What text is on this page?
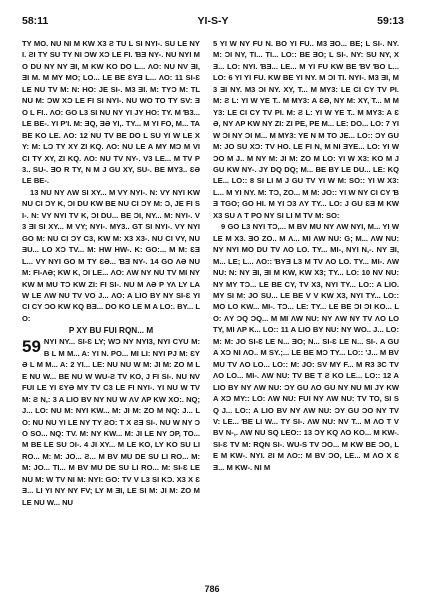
58:11	YI-S-Y	59:13

TY MO. NU NI M KW X3 Ƨ TU L SI NYI-. SU LE NYI. ƧI TY SU TY NI ƆW XƆ LE FI. ƁƎ NY-. NU NYI MO DU NY NY ƎI, M KW KO DO L... ΛO: NU NV ƎI, ƎI M. M MY MO; LO... LE BE ƐYƎ L... ΛO: 11 SI-Ɛ LE NU TV M: N: HO: JE SI-. M3 ƎI. M: TYƆ M: TL NU M: ƆW XƆ LE FI SI NYI-. NU WO TO TY SV: ƎO L FI.. ΛO: GO L3 SI NU NY YI JY HO: TY. M Ɓ3... LE BE-. YI P'I. M: ƎQ, ƎƏ YI,. TY... M YI FO, M... TA BE KO LE. ΛO: 12 NU TV BE DO L SU YI W LE XY: M: LƆ TY XY ZI KQ. ΛO: NU LE A MY MƆ M VI CI TY XY, ZI KQ. ΛO: NU TV NY-. V3 LE... M TV P3.. SU-. ƎO R TY, N M J GU XY, SU-. BE MY3.. ƐƏ LE BE-.

13 NU NY ΛW SI XY... M VY NYI-. N: VY NYI KW NU CI ƆY K, ƆI DU KW BE NU CI ƆY M: Ɔ, JE FI SI-. N: VY NYI TV K, ƆI DU... BE ƆI, NY... M: NYI-. V3 ƎI SI XY... M VY; NYI-. MY3.. GT SI NYI-. VY NYI GO M: NU CI ƆY C3, KW M: X3 X3-. NU CI VY, NU ƎU... LO XƆ TV... M: HW HW-. K: GO:... M M: ƐƎ L... VY NYI GO M TY ƐƏ... ƁƎ NY-. 14 GO ΛƏ NU M: FI-ΛƏ; KW K, ƆI LE... ΛO: ΛW NY NU TV MI NY KW M MU TƆ KW ZI: FI SI-. NU M ΛƏ P ΥΛ LY LA W LE ΛW NU TV VO J... ΛO: A LIO BY NY SI-Ɛ YI CI CY ƆO KW KQ BƎ... DO KO LE M A LO:. BY... LO:

P XY BU FUI RQN... M
59 NYI NY... SI-Ɛ LY; WƆ NY NYI3, NYI CYU M: B L M M... A: YI N. PO... MI LI: NYI PJ M: ƐYƏ L M M... A: 2 YI... LE: NU NU W M: JI M: ZO M LE NU W... BE NU W WU-Ƨ TV KO, J FI SI-. NU NV FUI LE YI ƐYƏ MY TV C3 LE FI NYI-. YI NU W TV M: Ƨ N,: 3 A LIO BV NY NU W ΛV ΛP KW XO:. NQ; J... LO: NU M: NYI KW... M: JI M: ZO M NQ: J... LO: NU NU YI LE NY TY ƧO: T X ƧƎ SI-. NU W NY ƆO SO... NQ: TV. M: NY KW... M: JI LE NY ƆP, TO... M BE LE SU ƆI-. 4 JI XY... M LE KO, LY KO SU LI RO... M: M: JO... Ƨ... M BV MU DE SU LI RO... M: M: JO... TI... M BV MU DE SU LI RO... M: SI-Ɛ LE NU M: W TV NI M: NYI: GO: TV V L3 SI KƆ. X3 X ƐƎ... LI YI NY NY FV; LY M ƎI, LE SI M: JI M: ZO M LE NU W... NU

5 YI W NY FU N. BO YI FU.. M3 ƎO... BE; L SI-. NY. M: ƆI NY, TI... TI... LO:: BE ƎO; L SI-. NY: SU NY, XƎ... LO: NYI. ƁƎ... LE... M YI FU KW BE ƁV ƁO L... LO: 6 YI YI FU. KW BE YI NY. M ƆI TI. NYI-. M3 ƎI, M3 ƎI NY. M3 ƆI NY. XY, T... M MY3: LE CI CY TV PI. M: Ƨ L: YI W YE T.. M MY3: A ƐƏ, NY M: XY, T... M MY3: LE CI CY TV PI. M: Ƨ L: YI W YE T.. M MY3: A ƐƏ, NY ΛP KW NY ZI: ZI PE, PE M... LE: DO... LO: 7 YI W ƆI NY ƆI M... M MY3: YE N M TO JE... LO:: ƆY GU M: JO SU XƆ: TV HO. LE FI N, M NI ƎYE... LO: YI W ƆO M J.. M NY M: JI M: ZO M LO: YI W X3: KO M J GU KW NY-. JY DQ DQ; M... BE BY LE DU... LE: KQ LE... LO:: 8 SI LI M J GU TV YI W M: SO:: YI W X3: L... M YI NY. M: TƆ, ZO... M M: JO:: YI W NY CI CY ƁƎ TGO; GO HI. M YI Ɔ3 ΛY TY... LO: J GU ƐƎ M KW X3 SU Λ T PO NY SI LI M TV M: SO:

9 GO L3 NYI TƆ,... M BV MU NY ΛW NYI, M... YI W LE M X3. ƎO ZO.. M Λ... MI ΛW NU: G; M... ΛW NU: NY NYI MO DU TV ΛO LO. TY... MI-, NYI N,-. NY ƎI, M... LE; L... ΛO:: ƁYƎ L3 M TV ΛO LO. TY... MI-. ΛW NU: N: NY ƎI, ƎI M KW, KW X3; TY... LO: 10 NV NU: NY MY TƆ... LE BE CY, TV X3, NYI TY... LO:: A LIO. MY SI M: JO SU... LE BE V V KW X3, NYI TY... LO:: MO LO KW... MI-. TƆ... LE: TY... LE BE ƆI ƆI KO... LO: ΛY ƆQ ƆQ... M MI ΛW NU: NY ΛW NY TV ΛO LO TY, MI ΛP K... LO:: 11 A LIO BY NU: NY WO.. J... LO: M: M: JO SI-Ɛ LE N... ƎO; N... SI-Ɛ LE N... SI-. A GU A XƆ NI ΛO.. M SY.;... LE BE MƆ TY... LO:: 'J... M BV MU TV ΛO LO... LO:: M: JO: SV MY F... M R3 3C TV ΛO LO... MI-. ΛW NU: TV BE T Ƨ KO LE... LO:: 12 A LIO BY NY ΛW NU: ƆY GU ΛO GU NY NU MI JY KW A XƆ MY:: LO: ΛW NU: FUI NY ΛW NU: TV TO, SI SQ J... LO:: A LIO BV NY ΛW NU: ƆY GU ƆO NY TV V: LE... ƁE LI W... TY SI-. ΛW NU: NV T... M ΛO T V BV N-,. ΛW NU SQ LEO:: 13 ƆY KQ ΛO KO... M KW-. SI-Ɛ TV M: RQN SI-. WU-S TV ƆO... M KW BE ƆO, LE M KW-. NYI. ƧI M ΛO:: M BV ƆO, LE... M ΛO X ƐƎ... M KW-. NI M

786
